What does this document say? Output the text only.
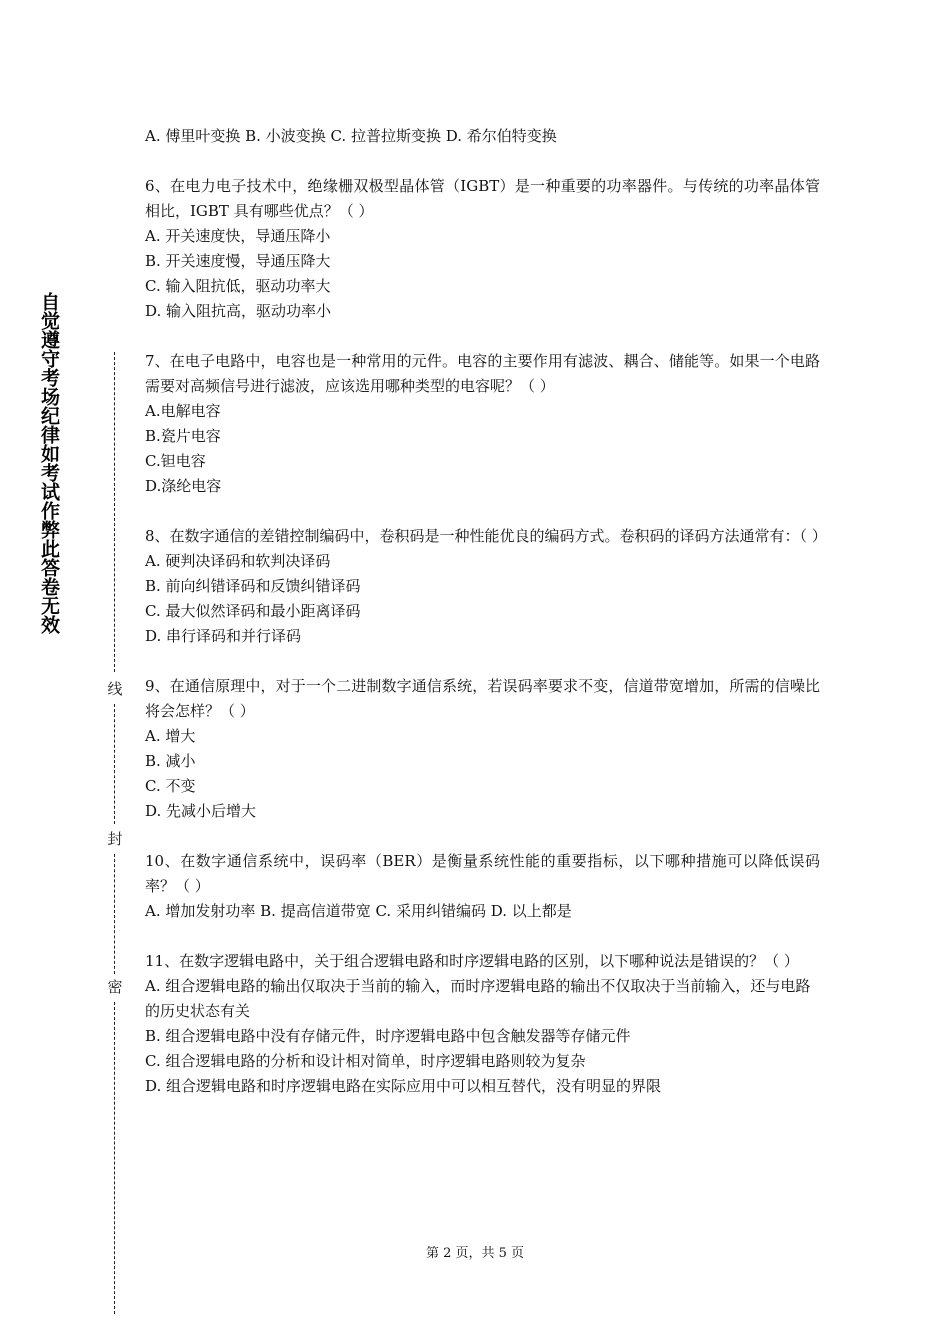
自觉遵守考场纪律如考试作弊此答卷无效
线
封
密

A. 傅里叶变换 B. 小波变换 C. 拉普拉斯变换 D. 希尔伯特变换

6、在电力电子技术中，绝缘栅双极型晶体管（IGBT）是一种重要的功率器件。与传统的功率晶体管相比，IGBT 具有哪些优点？（ ）

A. 开关速度快，导通压降小

B. 开关速度慢，导通压降大

C. 输入阻抗低，驱动功率大

D. 输入阻抗高，驱动功率小

7、在电子电路中，电容也是一种常用的元件。电容的主要作用有滤波、耦合、储能等。如果一个电路需要对高频信号进行滤波，应该选用哪种类型的电容呢？（ ）

A.电解电容

B.瓷片电容

C.钽电容

D.涤纶电容

8、在数字通信的差错控制编码中，卷积码是一种性能优良的编码方式。卷积码的译码方法通常有：（ ）

A. 硬判决译码和软判决译码

B. 前向纠错译码和反馈纠错译码

C. 最大似然译码和最小距离译码

D. 串行译码和并行译码

9、在通信原理中，对于一个二进制数字通信系统，若误码率要求不变，信道带宽增加，所需的信噪比将会怎样？（ ）

A. 增大

B. 减小

C. 不变

D. 先减小后增大

10、在数字通信系统中，误码率（BER）是衡量系统性能的重要指标，以下哪种措施可以降低误码率？（ ）

A. 增加发射功率 B. 提高信道带宽 C. 采用纠错编码 D. 以上都是

11、在数字逻辑电路中，关于组合逻辑电路和时序逻辑电路的区别，以下哪种说法是错误的？（ ）

A. 组合逻辑电路的输出仅取决于当前的输入，而时序逻辑电路的输出不仅取决于当前输入，还与电路的历史状态有关

B. 组合逻辑电路中没有存储元件，时序逻辑电路中包含触发器等存储元件

C. 组合逻辑电路的分析和设计相对简单，时序逻辑电路则较为复杂

D. 组合逻辑电路和时序逻辑电路在实际应用中可以相互替代，没有明显的界限

第 2 页，共 5 页
